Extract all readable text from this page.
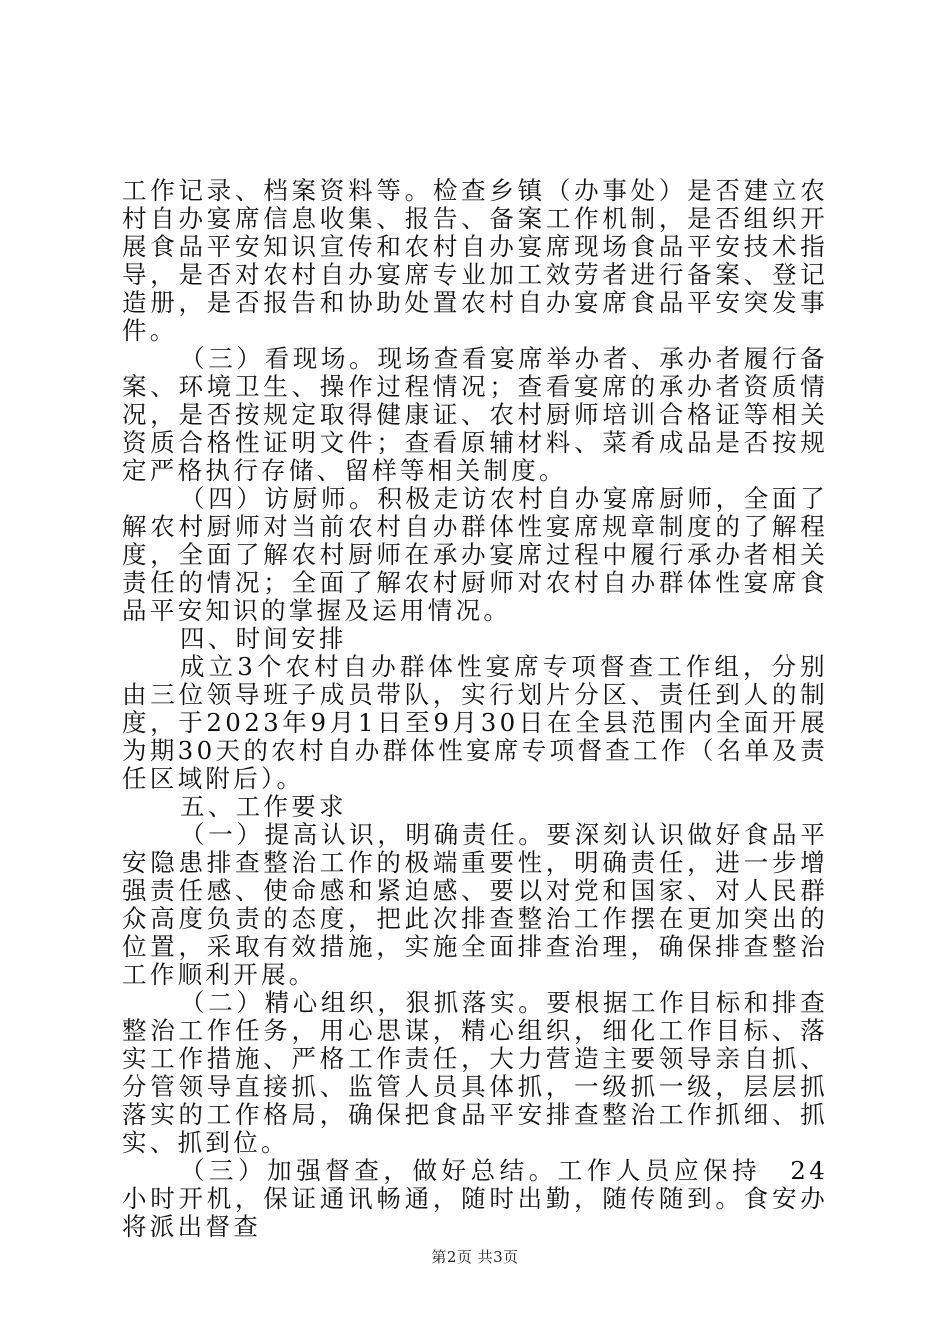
工作记录、档案资料等。检查乡镇（办事处）是否建立农村自办宴席信息收集、报告、备案工作机制，是否组织开展食品平安知识宣传和农村自办宴席现场食品平安技术指导，是否对农村自办宴席专业加工效劳者进行备案、登记造册，是否报告和协助处置农村自办宴席食品平安突发事件。

（三）看现场。现场查看宴席举办者、承办者履行备案、环境卫生、操作过程情况；查看宴席的承办者资质情况，是否按规定取得健康证、农村厨师培训合格证等相关资质合格性证明文件；查看原辅材料、菜肴成品是否按规定严格执行存储、留样等相关制度。

（四）访厨师。积极走访农村自办宴席厨师，全面了解农村厨师对当前农村自办群体性宴席规章制度的了解程度，全面了解农村厨师在承办宴席过程中履行承办者相关责任的情况；全面了解农村厨师对农村自办群体性宴席食品平安知识的掌握及运用情况。

四、时间安排

成立3个农村自办群体性宴席专项督查工作组，分别由三位领导班子成员带队，实行划片分区、责任到人的制度，于2023年9月1日至9月30日在全县范围内全面开展为期30天的农村自办群体性宴席专项督查工作（名单及责任区域附后）。

五、工作要求

（一）提高认识，明确责任。要深刻认识做好食品平安隐患排查整治工作的极端重要性，明确责任，进一步增强责任感、使命感和紧迫感、要以对党和国家、对人民群众高度负责的态度，把此次排查整治工作摆在更加突出的位置，采取有效措施，实施全面排查治理，确保排查整治工作顺利开展。

（二）精心组织，狠抓落实。要根据工作目标和排查整治工作任务，用心思谋，精心组织，细化工作目标、落实工作措施、严格工作责任，大力营造主要领导亲自抓、分管领导直接抓、监管人员具体抓，一级抓一级，层层抓落实的工作格局，确保把食品平安排查整治工作抓细、抓实、抓到位。

（三）加强督查，做好总结。工作人员应保持　24小时开机，保证通讯畅通，随时出勤，随传随到。食安办将派出督查

第2页 共3页
